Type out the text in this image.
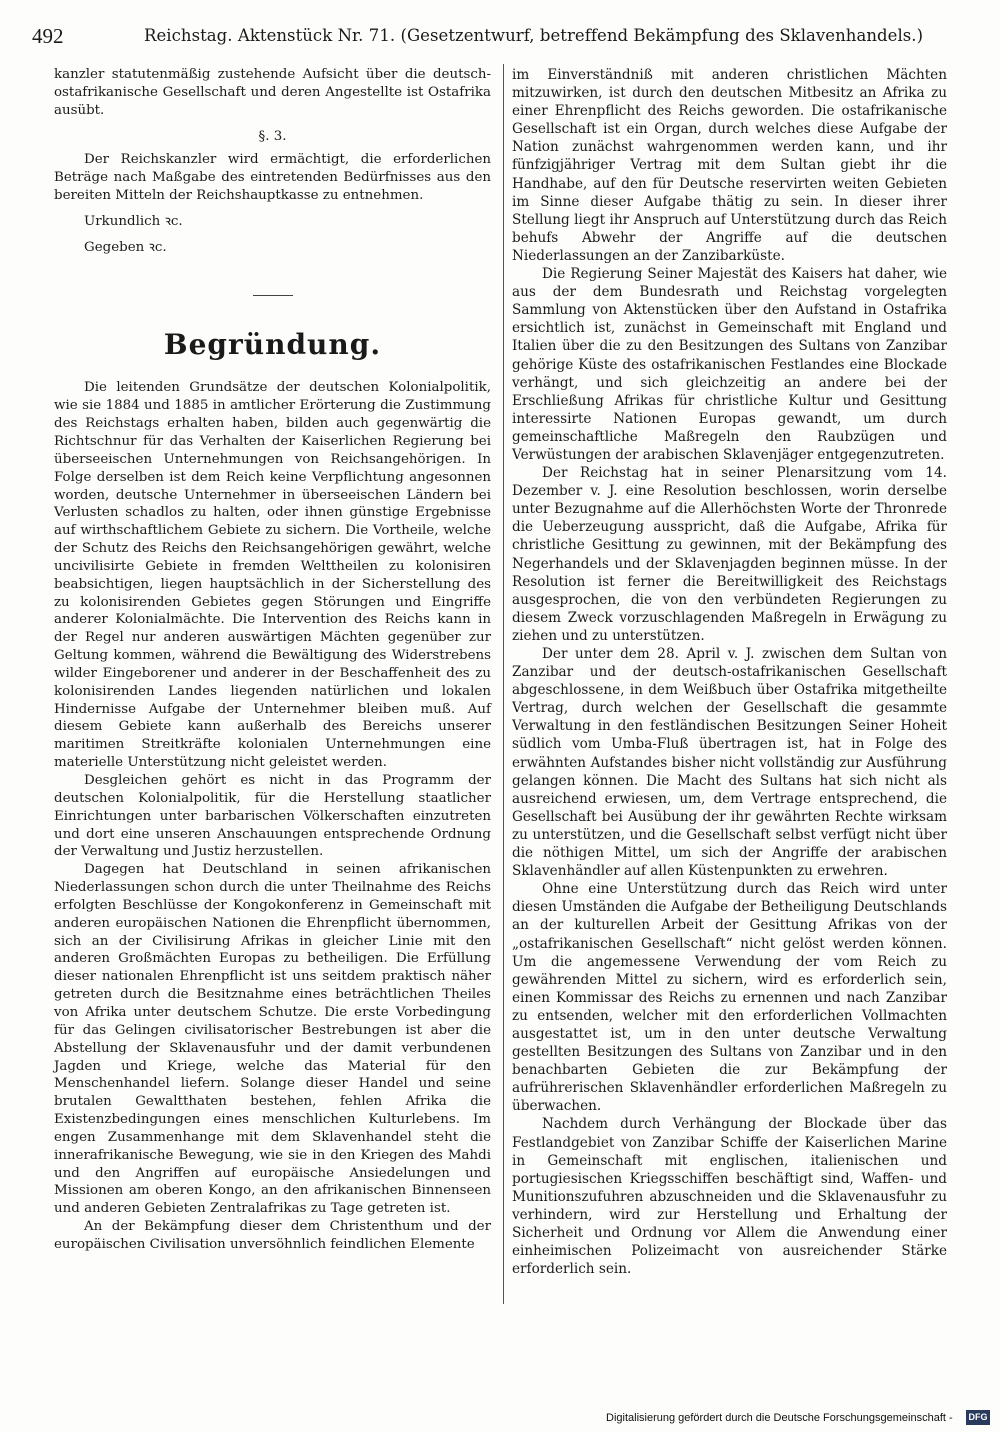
492	Reichstag. Aktenstück Nr. 71. (Gesetzentwurf, betreffend Bekämpfung des Sklavenhandels.)

kanzler statutenmäßig zustehende Aufsicht über die deutsch-ostafrikanische Gesellschaft und deren Angestellte ist Ostafrika ausübt.

§. 3.

Der Reichskanzler wird ermächtigt, die erforderlichen Beträge nach Maßgabe des eintretenden Bedürfnisses aus den bereiten Mitteln der Reichshauptkasse zu entnehmen.

Urkundlich ꝛc.

Gegeben ꝛc.

Begründung.

Die leitenden Grundsätze der deutschen Kolonialpolitik, wie sie 1884 und 1885 in amtlicher Erörterung die Zustimmung des Reichstags erhalten haben, bilden auch gegenwärtig die Richtschnur für das Verhalten der Kaiserlichen Regierung bei überseeischen Unternehmungen von Reichsangehörigen. In Folge derselben ist dem Reich keine Verpflichtung angesonnen worden, deutsche Unternehmer in überseeischen Ländern bei Verlusten schadlos zu halten, oder ihnen günstige Ergebnisse auf wirthschaftlichem Gebiete zu sichern. Die Vortheile, welche der Schutz des Reichs den Reichsangehörigen gewährt, welche uncivilisirte Gebiete in fremden Welttheilen zu kolonisiren beabsichtigen, liegen hauptsächlich in der Sicherstellung des zu kolonisirenden Gebietes gegen Störungen und Eingriffe anderer Kolonialmächte. Die Intervention des Reichs kann in der Regel nur anderen auswärtigen Mächten gegenüber zur Geltung kommen, während die Bewältigung des Widerstrebens wilder Eingeborener und anderer in der Beschaffenheit des zu kolonisirenden Landes liegenden natürlichen und lokalen Hindernisse Aufgabe der Unternehmer bleiben muß. Auf diesem Gebiete kann außerhalb des Bereichs unserer maritimen Streitkräfte kolonialen Unternehmungen eine materielle Unterstützung nicht geleistet werden.

Desgleichen gehört es nicht in das Programm der deutschen Kolonialpolitik, für die Herstellung staatlicher Einrichtungen unter barbarischen Völkerschaften einzutreten und dort eine unseren Anschauungen entsprechende Ordnung der Verwaltung und Justiz herzustellen.

Dagegen hat Deutschland in seinen afrikanischen Niederlassungen schon durch die unter Theilnahme des Reichs erfolgten Beschlüsse der Kongokonferenz in Gemeinschaft mit anderen europäischen Nationen die Ehrenpflicht übernommen, sich an der Civilisirung Afrikas in gleicher Linie mit den anderen Großmächten Europas zu betheiligen. Die Erfüllung dieser nationalen Ehrenpflicht ist uns seitdem praktisch näher getreten durch die Besitznahme eines beträchtlichen Theiles von Afrika unter deutschem Schutze. Die erste Vorbedingung für das Gelingen civilisatorischer Bestrebungen ist aber die Abstellung der Sklavenausfuhr und der damit verbundenen Jagden und Kriege, welche das Material für den Menschenhandel liefern. Solange dieser Handel und seine brutalen Gewaltthaten bestehen, fehlen Afrika die Existenzbedingungen eines menschlichen Kulturlebens. Im engen Zusammenhange mit dem Sklavenhandel steht die innerafrikanische Bewegung, wie sie in den Kriegen des Mahdi und den Angriffen auf europäische Ansiedelungen und Missionen am oberen Kongo, an den afrikanischen Binnenseen und anderen Gebieten Zentralafrikas zu Tage getreten ist.

An der Bekämpfung dieser dem Christenthum und der europäischen Civilisation unversöhnlich feindlichen Elemente

im Einverständniß mit anderen christlichen Mächten mitzuwirken, ist durch den deutschen Mitbesitz an Afrika zu einer Ehrenpflicht des Reichs geworden. Die ostafrikanische Gesellschaft ist ein Organ, durch welches diese Aufgabe der Nation zunächst wahrgenommen werden kann, und ihr fünfzigjähriger Vertrag mit dem Sultan giebt ihr die Handhabe, auf den für Deutsche reservirten weiten Gebieten im Sinne dieser Aufgabe thätig zu sein. In dieser ihrer Stellung liegt ihr Anspruch auf Unterstützung durch das Reich behufs Abwehr der Angriffe auf die deutschen Niederlassungen an der Zanzibarküste.

Die Regierung Seiner Majestät des Kaisers hat daher, wie aus der dem Bundesrath und Reichstag vorgelegten Sammlung von Aktenstücken über den Aufstand in Ostafrika ersichtlich ist, zunächst in Gemeinschaft mit England und Italien über die zu den Besitzungen des Sultans von Zanzibar gehörige Küste des ostafrikanischen Festlandes eine Blockade verhängt, und sich gleichzeitig an andere bei der Erschließung Afrikas für christliche Kultur und Gesittung interessirte Nationen Europas gewandt, um durch gemeinschaftliche Maßregeln den Raubzügen und Verwüstungen der arabischen Sklavenjäger entgegenzutreten.

Der Reichstag hat in seiner Plenarsitzung vom 14. Dezember v. J. eine Resolution beschlossen, worin derselbe unter Bezugnahme auf die Allerhöchsten Worte der Thronrede die Ueberzeugung ausspricht, daß die Aufgabe, Afrika für christliche Gesittung zu gewinnen, mit der Bekämpfung des Negerhandels und der Sklavenjagden beginnen müsse. In der Resolution ist ferner die Bereitwilligkeit des Reichstags ausgesprochen, die von den verbündeten Regierungen zu diesem Zweck vorzuschlagenden Maßregeln in Erwägung zu ziehen und zu unterstützen.

Der unter dem 28. April v. J. zwischen dem Sultan von Zanzibar und der deutsch-ostafrikanischen Gesellschaft abgeschlossene, in dem Weißbuch über Ostafrika mitgetheilte Vertrag, durch welchen der Gesellschaft die gesammte Verwaltung in den festländischen Besitzungen Seiner Hoheit südlich vom Umba-Fluß übertragen ist, hat in Folge des erwähnten Aufstandes bisher nicht vollständig zur Ausführung gelangen können. Die Macht des Sultans hat sich nicht als ausreichend erwiesen, um, dem Vertrage entsprechend, die Gesellschaft bei Ausübung der ihr gewährten Rechte wirksam zu unterstützen, und die Gesellschaft selbst verfügt nicht über die nöthigen Mittel, um sich der Angriffe der arabischen Sklavenhändler auf allen Küstenpunkten zu erwehren.

Ohne eine Unterstützung durch das Reich wird unter diesen Umständen die Aufgabe der Betheiligung Deutschlands an der kulturellen Arbeit der Gesittung Afrikas von der „ostafrikanischen Gesellschaft“ nicht gelöst werden können. Um die angemessene Verwendung der vom Reich zu gewährenden Mittel zu sichern, wird es erforderlich sein, einen Kommissar des Reichs zu ernennen und nach Zanzibar zu entsenden, welcher mit den erforderlichen Vollmachten ausgestattet ist, um in den unter deutsche Verwaltung gestellten Besitzungen des Sultans von Zanzibar und in den benachbarten Gebieten die zur Bekämpfung der aufrührerischen Sklavenhändler erforderlichen Maßregeln zu überwachen.

Nachdem durch Verhängung der Blockade über das Festlandgebiet von Zanzibar Schiffe der Kaiserlichen Marine in Gemeinschaft mit englischen, italienischen und portugiesischen Kriegsschiffen beschäftigt sind, Waffen- und Munitionszufuhren abzuschneiden und die Sklavenausfuhr zu verhindern, wird zur Herstellung und Erhaltung der Sicherheit und Ordnung vor Allem die Anwendung einer einheimischen Polizeimacht von ausreichender Stärke erforderlich sein.

Digitalisierung gefördert durch die Deutsche Forschungsgemeinschaft - DFG
